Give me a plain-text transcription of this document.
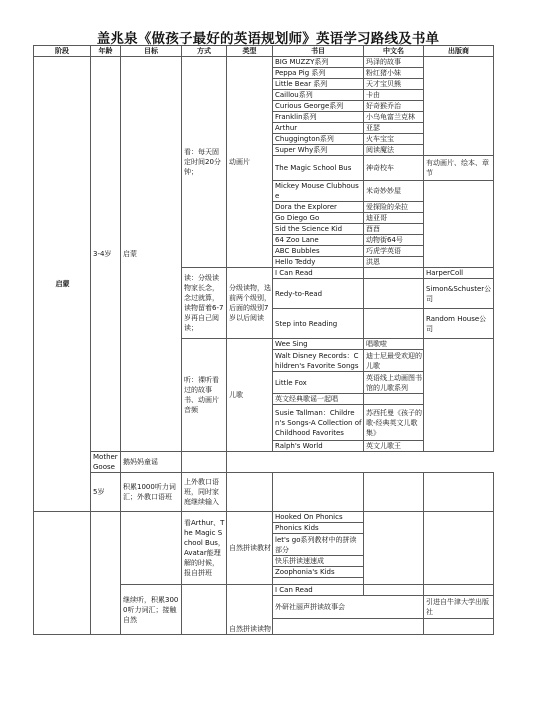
盖兆泉《做孩子最好的英语规划师》英语学习路线及书单
阶段	年龄	目标	方式	类型	书目	中文名	出版商
启蒙	3-4岁	启蒙	看：每天固定时间20分钟；	动画片	BIG MUZZY系列	玛泽的故事	
					Peppa Pig 系列	粉红猪小妹	
					Little Bear 系列	天才宝贝熊	
					Caillou系列	卡由	
					Curious George系列	好奇猴乔治	
					Franklin系列	小乌龟富兰克林	
					Arthur	亚瑟	
					Chuggington系列	火车宝宝	
					Super Why系列	阅读魔法	
					The Magic School Bus	神奇校车	有动画片、绘本、章节
					Mickey Mouse Clubhouse	米奇妙妙屋	
					Dora the Explorer	爱探险的朵拉	
					Go Diego Go	迪亚哥	
					Sid the Science Kid	酉酉	
					64 Zoo Lane	动物街64号	
					ABC Bubbles	巧虎学英语	
					Hello Teddy	洪恩	
			读：分级读物家长念，念过就算，读物留着6-7岁再自己阅读；	分级读物，选前两个级别，后面的级别7岁以后阅读	I Can Read		HarperColl
					Redy-to-Read		Simon&Schuster公司

					Step into Reading		Random House公司

			听：裸听看过的故事书、动画片音频	儿歌	Wee Sing	唱歌啦	
					Walt Disney Records：Children's Favorite Songs	迪士尼最受欢迎的儿歌	

					Little Fox	英语线上动画图书馆的儿歌系列	

					英文经典歌谣一起唱		
					Susie Tallman：Children's Songs-A Collection of Childhood Favorites	苏西托曼《孩子的歌-经典英文儿歌集》	

					Ralph's World	英文儿歌王	
	Mother Goose	鹅妈妈童谣					
	5岁	积累1000听力词汇；外教口语班	上外教口语班，同时家庭继续输入				

			看Arthur、The Magic School Bus，Avatar能理解的时候，报自拼班	自然拼读教材	Hooked On Phonics		
					Phonics Kids		
					let's go系列教材中的拼读部分		
					快乐拼读速速成		
					Zoophonia's Kids		

		继续听，积累3000听力词汇；接触自然		自然拼读读物	I Can Read		
					外研社丽声拼读故事会		引进自牛津大学出版社
